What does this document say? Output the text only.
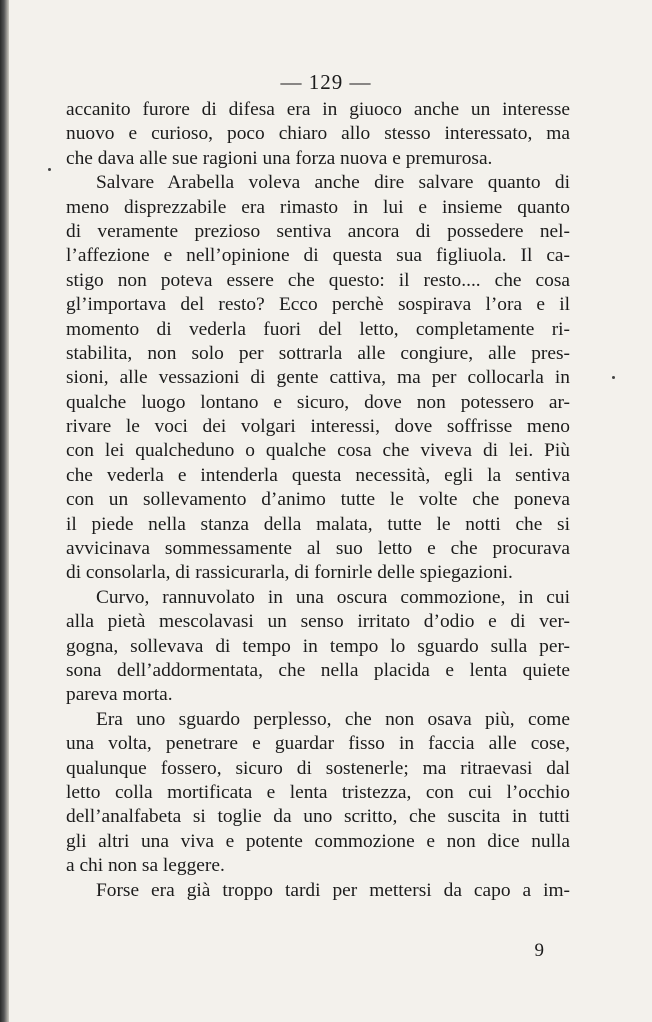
— 129 —

accanito furore di difesa era in giuoco anche un interesse
nuovo e curioso, poco chiaro allo stesso interessato, ma
che dava alle sue ragioni una forza nuova e premurosa.
Salvare Arabella voleva anche dire salvare quanto di
meno disprezzabile era rimasto in lui e insieme quanto
di veramente prezioso sentiva ancora di possedere nel-
l’affezione e nell’opinione di questa sua figliuola. Il ca-
stigo non poteva essere che questo: il resto.... che cosa
gl’importava del resto? Ecco perchè sospirava l’ora e il
momento di vederla fuori del letto, completamente ri-
stabilita, non solo per sottrarla alle congiure, alle pres-
sioni, alle vessazioni di gente cattiva, ma per collocarla in
qualche luogo lontano e sicuro, dove non potessero ar-
rivare le voci dei volgari interessi, dove soffrisse meno
con lei qualcheduno o qualche cosa che viveva di lei. Più
che vederla e intenderla questa necessità, egli la sentiva
con un sollevamento d’animo tutte le volte che poneva
il piede nella stanza della malata, tutte le notti che si
avvicinava sommessamente al suo letto e che procurava
di consolarla, di rassicurarla, di fornirle delle spiegazioni.
Curvo, rannuvolato in una oscura commozione, in cui
alla pietà mescolavasi un senso irritato d’odio e di ver-
gogna, sollevava di tempo in tempo lo sguardo sulla per-
sona dell’addormentata, che nella placida e lenta quiete
pareva morta.
Era uno sguardo perplesso, che non osava più, come
una volta, penetrare e guardar fisso in faccia alle cose,
qualunque fossero, sicuro di sostenerle; ma ritraevasi dal
letto colla mortificata e lenta tristezza, con cui l’occhio
dell’analfabeta si toglie da uno scritto, che suscita in tutti
gli altri una viva e potente commozione e non dice nulla
a chi non sa leggere.
Forse era già troppo tardi per mettersi da capo a im-

9
